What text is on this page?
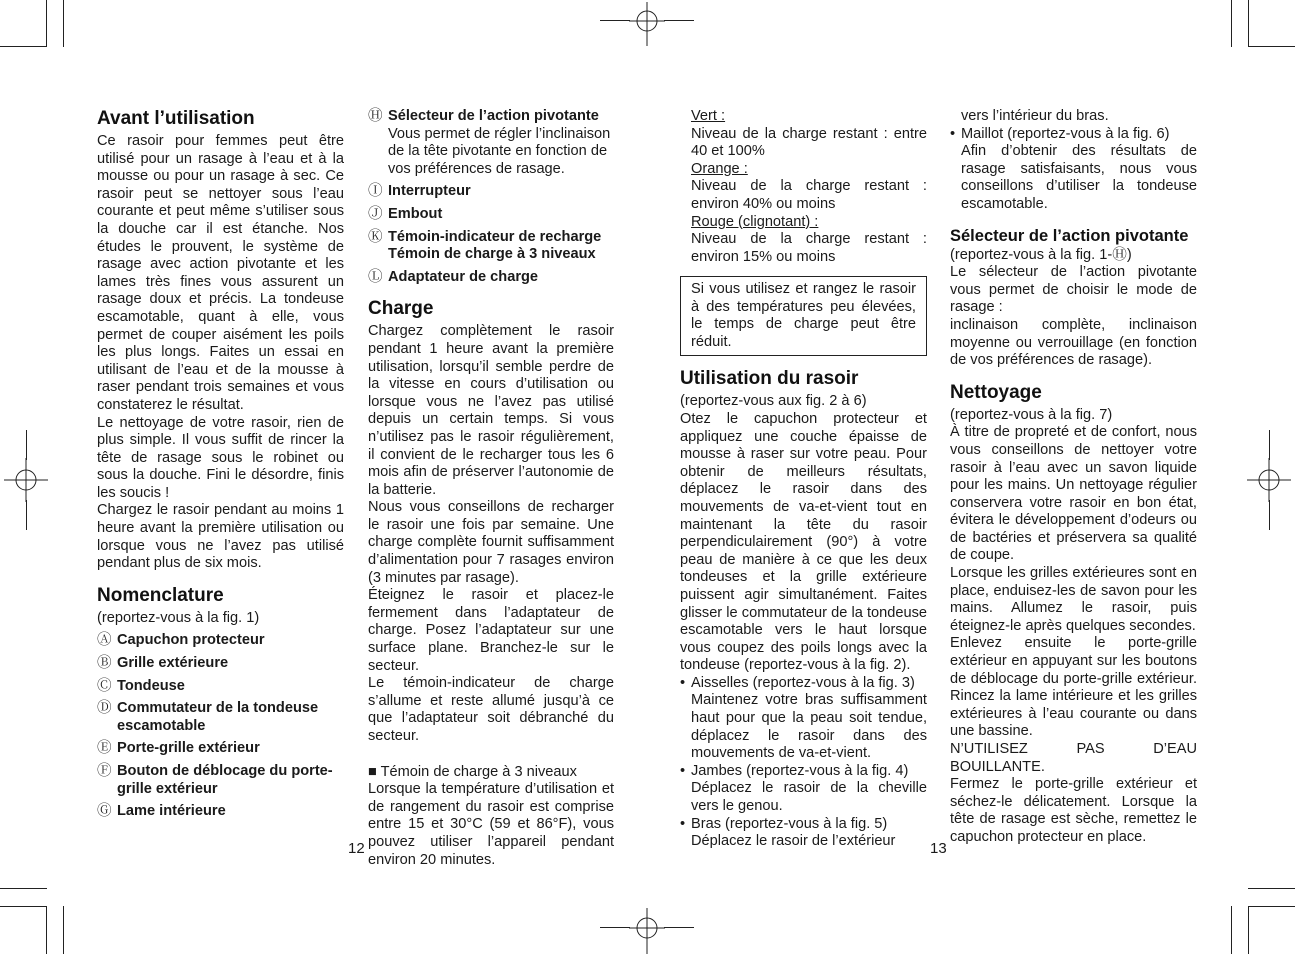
Avant l’utilisation

Ce rasoir pour femmes peut être utilisé pour un rasage à l’eau et à la mousse ou pour un rasage à sec. Ce rasoir peut se nettoyer sous l’eau courante et peut même s’utiliser sous la douche car il est étanche. Nos études le prouvent, le système de rasage avec action pivotante et les lames très fines vous assurent un rasage doux et précis. La tondeuse escamotable, quant à elle, vous permet de couper aisément les poils les plus longs. Faites un essai en utilisant de l’eau et de la mousse à raser pendant trois semaines et vous constaterez le résultat.

Le nettoyage de votre rasoir, rien de plus simple. Il vous suffit de rincer la tête de rasage sous le robinet ou sous la douche. Fini le désordre, finis les soucis !

Chargez le rasoir pendant au moins 1 heure avant la première utilisation ou lorsque vous ne l’avez pas utilisé pendant plus de six mois.

Nomenclature

(reportez-vous à la fig. 1)

Ⓐ Capuchon protecteur
Ⓑ Grille extérieure
Ⓒ Tondeuse
Ⓓ Commutateur de la tondeuse escamotable
Ⓔ Porte-grille extérieur
Ⓕ Bouton de déblocage du porte-grille extérieur
Ⓖ Lame intérieure
12
Ⓗ Sélecteur de l’action pivotante
Vous permet de régler l’inclinaison de la tête pivotante en fonction de vos préférences de rasage.
Ⓘ Interrupteur
Ⓙ Embout
Ⓚ Témoin-indicateur de recharge Témoin de charge à 3 niveaux
Ⓛ Adaptateur de charge
Charge

Chargez complètement le rasoir pendant 1 heure avant la première utilisation, lorsqu’il semble perdre de la vitesse en cours d’utilisation ou lorsque vous ne l’avez pas utilisé depuis un certain temps. Si vous n’utilisez pas le rasoir régulièrement, il convient de le recharger tous les 6 mois afin de préserver l’autonomie de la batterie.

Nous vous conseillons de recharger le rasoir une fois par semaine. Une charge complète fournit suffisamment d’alimentation pour 7 rasages environ (3 minutes par rasage).

Éteignez le rasoir et placez-le fermement dans l’adaptateur de charge. Posez l’adaptateur sur une surface plane. Branchez-le sur le secteur.

Le témoin-indicateur de charge s’allume et reste allumé jusqu’à ce que l’adaptateur soit débranché du secteur.

■ Témoin de charge à 3 niveaux

Lorsque la température d’utilisation et de rangement du rasoir est comprise entre 15 et 30°C (59 et 86°F), vous pouvez utiliser l’appareil pendant environ 20 minutes.

Vert :

Niveau de la charge restant : entre 40 et 100%

Orange :

Niveau de la charge restant : environ 40% ou moins

Rouge (clignotant) :

Niveau de la charge restant : environ 15% ou moins

Si vous utilisez et rangez le rasoir à des températures peu élevées, le temps de charge peut être réduit.
Utilisation du rasoir

(reportez-vous aux fig. 2 à 6)

Otez le capuchon protecteur et appliquez une couche épaisse de mousse à raser sur votre peau. Pour obtenir de meilleurs résultats, déplacez le rasoir dans des mouvements de va-et-vient tout en maintenant la tête du rasoir perpendiculairement (90°) à votre peau de manière à ce que les deux tondeuses et la grille extérieure puissent agir simultanément. Faites glisser le commutateur de la tondeuse escamotable vers le haut lorsque vous coupez des poils longs avec la tondeuse (reportez-vous à la fig. 2).

• Aisselles (reportez-vous à la fig. 3)
Maintenez votre bras suffisamment haut pour que la peau soit tendue, déplacez le rasoir dans des mouvements de va-et-vient.
• Jambes (reportez-vous à la fig. 4)
Déplacez le rasoir de la cheville vers le genou.
• Bras (reportez-vous à la fig. 5)
Déplacez le rasoir de l’extérieur	13

vers l’intérieur du bras.

• Maillot (reportez-vous à la fig. 6)
Afin d’obtenir des résultats de rasage satisfaisants, nous vous conseillons d’utiliser la tondeuse escamotable.
Sélecteur de l’action pivotante

(reportez-vous à la fig. 1-Ⓗ)

Le sélecteur de l’action pivotante vous permet de choisir le mode de rasage :

inclinaison complète, inclinaison moyenne ou verrouillage (en fonction de vos préférences de rasage).

Nettoyage

(reportez-vous à la fig. 7)

À titre de propreté et de confort, nous vous conseillons de nettoyer votre rasoir à l’eau avec un savon liquide pour les mains. Un nettoyage régulier conservera votre rasoir en bon état, évitera le développement d’odeurs ou de bactéries et préservera sa qualité de coupe.

Lorsque les grilles extérieures sont en place, enduisez-les de savon pour les mains. Allumez le rasoir, puis éteignez-le après quelques secondes.

Enlevez ensuite le porte-grille extérieur en appuyant sur les boutons de déblocage du porte-grille extérieur. Rincez la lame intérieure et les grilles extérieures à l’eau courante ou dans une bassine.

N’UTILISEZ PAS D’EAU BOUILLANTE.

Fermez le porte-grille extérieur et séchez-le délicatement. Lorsque la tête de rasage est sèche, remettez le capuchon protecteur en place.
